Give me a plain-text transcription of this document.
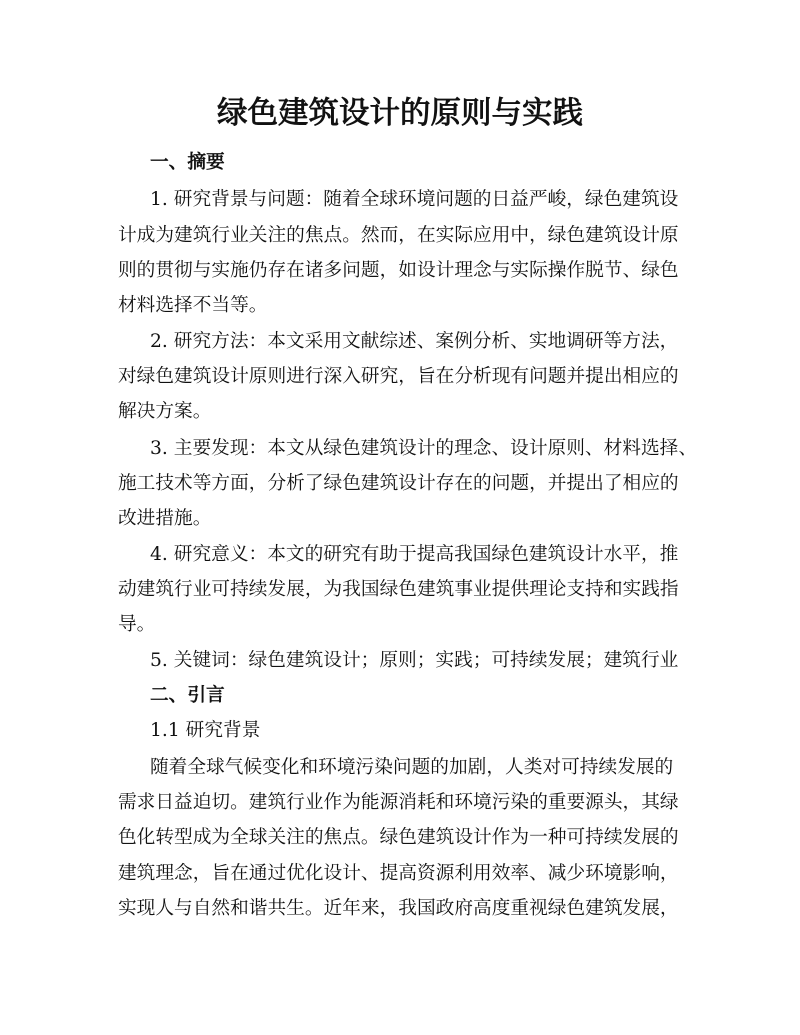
绿色建筑设计的原则与实践
一、摘要
1. 研究背景与问题：随着全球环境问题的日益严峻，绿色建筑设
计成为建筑行业关注的焦点。然而，在实际应用中，绿色建筑设计原
则的贯彻与实施仍存在诸多问题，如设计理念与实际操作脱节、绿色
材料选择不当等。
2. 研究方法：本文采用文献综述、案例分析、实地调研等方法，
对绿色建筑设计原则进行深入研究，旨在分析现有问题并提出相应的
解决方案。
3. 主要发现：本文从绿色建筑设计的理念、设计原则、材料选择、
施工技术等方面，分析了绿色建筑设计存在的问题，并提出了相应的
改进措施。
4. 研究意义：本文的研究有助于提高我国绿色建筑设计水平，推
动建筑行业可持续发展，为我国绿色建筑事业提供理论支持和实践指
导。
5. 关键词：绿色建筑设计；原则；实践；可持续发展；建筑行业
二、引言
1.1 研究背景
随着全球气候变化和环境污染问题的加剧，人类对可持续发展的
需求日益迫切。建筑行业作为能源消耗和环境污染的重要源头，其绿
色化转型成为全球关注的焦点。绿色建筑设计作为一种可持续发展的
建筑理念，旨在通过优化设计、提高资源利用效率、减少环境影响，
实现人与自然和谐共生。近年来，我国政府高度重视绿色建筑发展，
